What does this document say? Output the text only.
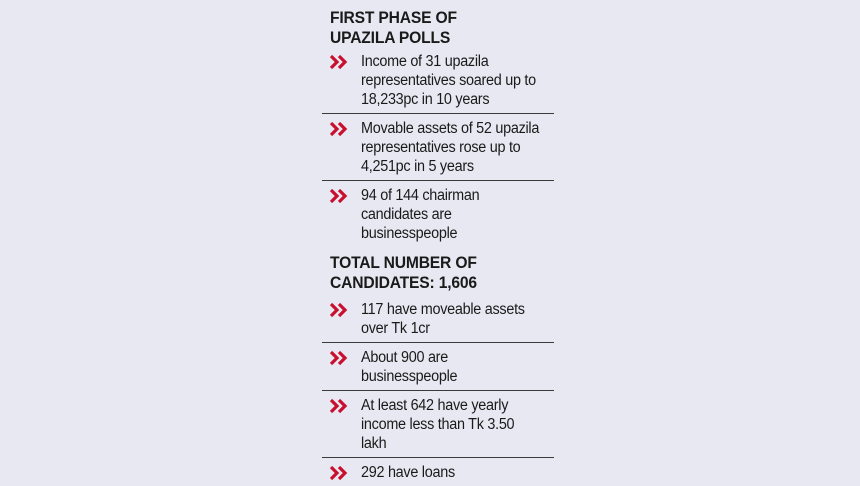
FIRST PHASE OF
UPAZILA POLLS
Income of 31 upazila representatives soared up to 18,233pc in 10 years
Movable assets of 52 upazila representatives rose up to 4,251pc in 5 years
94 of 144 chairman candidates are businesspeople
TOTAL NUMBER OF
CANDIDATES: 1,606
117 have moveable assets over Tk 1cr
About 900 are businesspeople
At least 642 have yearly income less than Tk 3.50 lakh
292 have loans
